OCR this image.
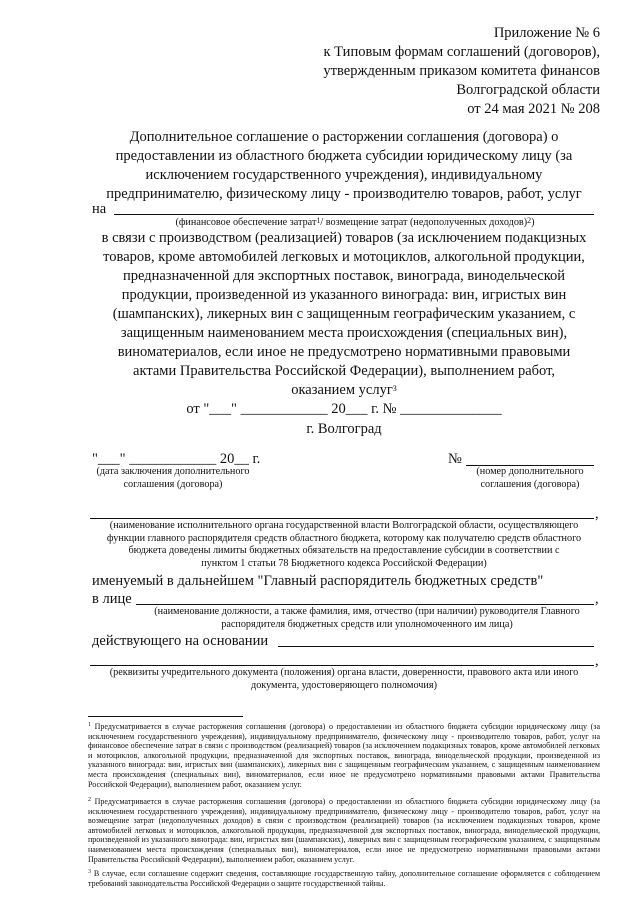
Приложение № 6
к Типовым формам соглашений (договоров),
утвержденным приказом комитета финансов
Волгоградской области
от 24 мая 2021 № 208
Дополнительное соглашение о расторжении соглашения (договора) о
предоставлении из областного бюджета субсидии юридическому лицу (за
исключением государственного учреждения), индивидуальному
предпринимателю, физическому лицу - производителю товаров, работ, услуг
на
(финансовое обеспечение затрат$^1$/ возмещение затрат (недополученных доходов)$^2$)
в связи с производством (реализацией) товаров (за исключением подакцизных
товаров, кроме автомобилей легковых и мотоциклов, алкогольной продукции,
предназначенной для экспортных поставок, винограда, винодельческой
продукции, произведенной из указанного винограда: вин, игристых вин
(шампанских), ликерных вин с защищенным географическим указанием, с
защищенным наименованием места происхождения (специальных вин),
виноматериалов, если иное не предусмотрено нормативными правовыми
актами Правительства Российской Федерации), выполнением работ,
оказанием услуг$^3$
от "___" ____________ 20___ г. № ______________
г. Волгоград
"___" ____________ 20__ г.
(дата заключения дополнительного
соглашения (договора)
№
(номер дополнительного
соглашения (договора)
,
(наименование исполнительного органа государственной власти Волгоградской области, осуществляющего
функции главного распорядителя средств областного бюджета, которому как получателю средств областного
бюджета доведены лимиты бюджетных обязательств на предоставление субсидии в соответствии с
пунктом 1 статьи 78 Бюджетного кодекса Российской Федерации)
именуемый в дальнейшем "Главный распорядитель бюджетных средств"
в лице	,
(наименование должности, а также фамилия, имя, отчество (при наличии) руководителя Главного
распорядителя бюджетных средств или уполномоченного им лица)
действующего на основании
,
(реквизиты учредительного документа (положения) органа власти, доверенности, правового акта или иного
документа, удостоверяющего полномочия)
$^1$ Предусматривается в случае расторжения соглашения (договора) о предоставлении из областного бюджета субсидии юридическому лицу (за исключением государственного учреждения), индивидуальному предпринимателю, физическому лицу - производителю товаров, работ, услуг на финансовое обеспечение затрат в связи с производством (реализацией) товаров (за исключением подакцизных товаров, кроме автомобилей легковых и мотоциклов, алкогольной продукции, предназначенной для экспортных поставок, винограда, винодельческой продукции, произведенной из указанного винограда: вин, игристых вин (шампанских), ликерных вин с защищенным географическим указанием, с защищенным наименованием места происхождения (специальных вин), виноматериалов, если иное не предусмотрено нормативными правовыми актами Правительства Российской Федерации), выполнением работ, оказанием услуг.
$^2$ Предусматривается в случае расторжения соглашения (договора) о предоставлении из областного бюджета субсидии юридическому лицу (за исключением государственного учреждения), индивидуальному предпринимателю, физическому лицу - производителю товаров, работ, услуг на возмещение затрат (недополученных доходов) в связи с производством (реализацией) товаров (за исключением подакцизных товаров, кроме автомобилей легковых и мотоциклов, алкогольной продукции, предназначенной для экспортных поставок, винограда, винодельческой продукции, произведенной из указанного винограда: вин, игристых вин (шампанских), ликерных вин с защищенным географическим указанием, с защищенным наименованием места происхождения (специальных вин), виноматериалов, если иное не предусмотрено нормативными правовыми актами Правительства Российской Федерации), выполнением работ, оказанием услуг.
$^3$ В случае, если соглашение содержит сведения, составляющие государственную тайну, дополнительное соглашение оформляется с соблюдением требований законодательства Российской Федерации о защите государственной тайны.
